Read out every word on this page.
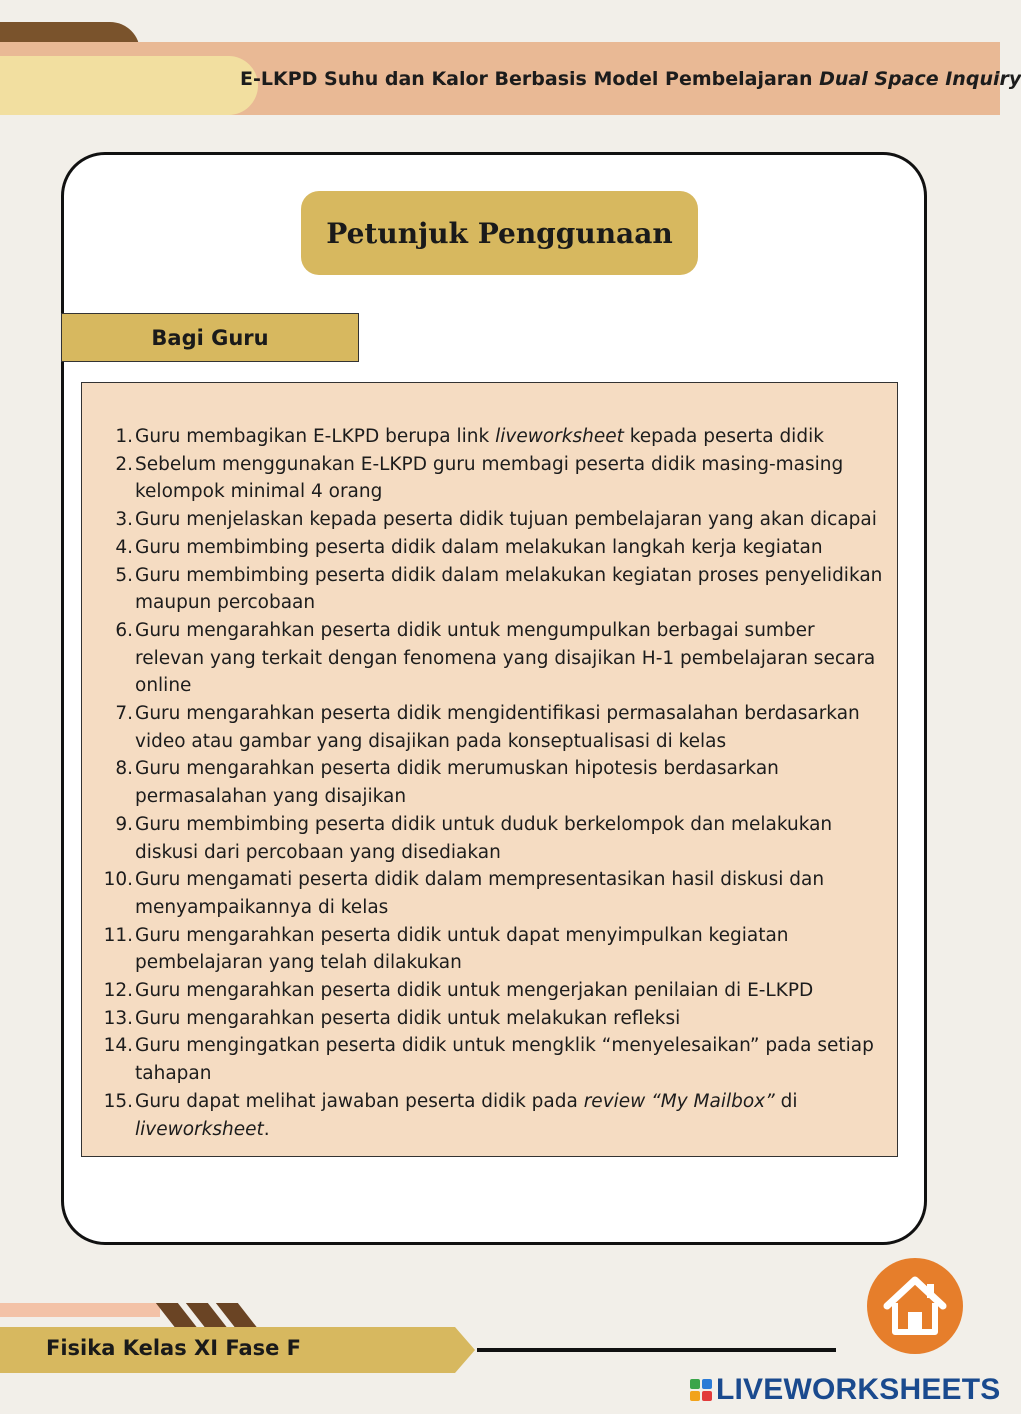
E-LKPD Suhu dan Kalor Berbasis Model Pembelajaran Dual Space Inquiry
Petunjuk Penggunaan
Bagi Guru
1. Guru membagikan E-LKPD berupa link liveworksheet kepada peserta didik
2. Sebelum menggunakan E-LKPD guru membagi peserta didik masing-masing kelompok minimal 4 orang
3. Guru menjelaskan kepada peserta didik tujuan pembelajaran yang akan dicapai
4. Guru membimbing peserta didik dalam melakukan langkah kerja kegiatan
5. Guru membimbing peserta didik dalam melakukan kegiatan proses penyelidikan maupun percobaan
6. Guru mengarahkan peserta didik untuk mengumpulkan berbagai sumber relevan yang terkait dengan fenomena yang disajikan H-1 pembelajaran secara online
7. Guru mengarahkan peserta didik mengidentifikasi permasalahan berdasarkan video atau gambar yang disajikan pada konseptualisasi di kelas
8. Guru mengarahkan peserta didik merumuskan hipotesis berdasarkan permasalahan yang disajikan
9. Guru membimbing peserta didik untuk duduk berkelompok dan melakukan diskusi dari percobaan yang disediakan
10. Guru mengamati peserta didik dalam mempresentasikan hasil diskusi dan menyampaikannya di kelas
11. Guru mengarahkan peserta didik untuk dapat menyimpulkan kegiatan pembelajaran yang telah dilakukan
12. Guru mengarahkan peserta didik untuk mengerjakan penilaian di E-LKPD
13. Guru mengarahkan peserta didik untuk melakukan refleksi
14. Guru mengingatkan peserta didik untuk mengklik “menyelesaikan” pada setiap tahapan
15. Guru dapat melihat jawaban peserta didik pada review “My Mailbox” di liveworksheet.
Fisika Kelas XI Fase F
LIVEWORKSHEETS
